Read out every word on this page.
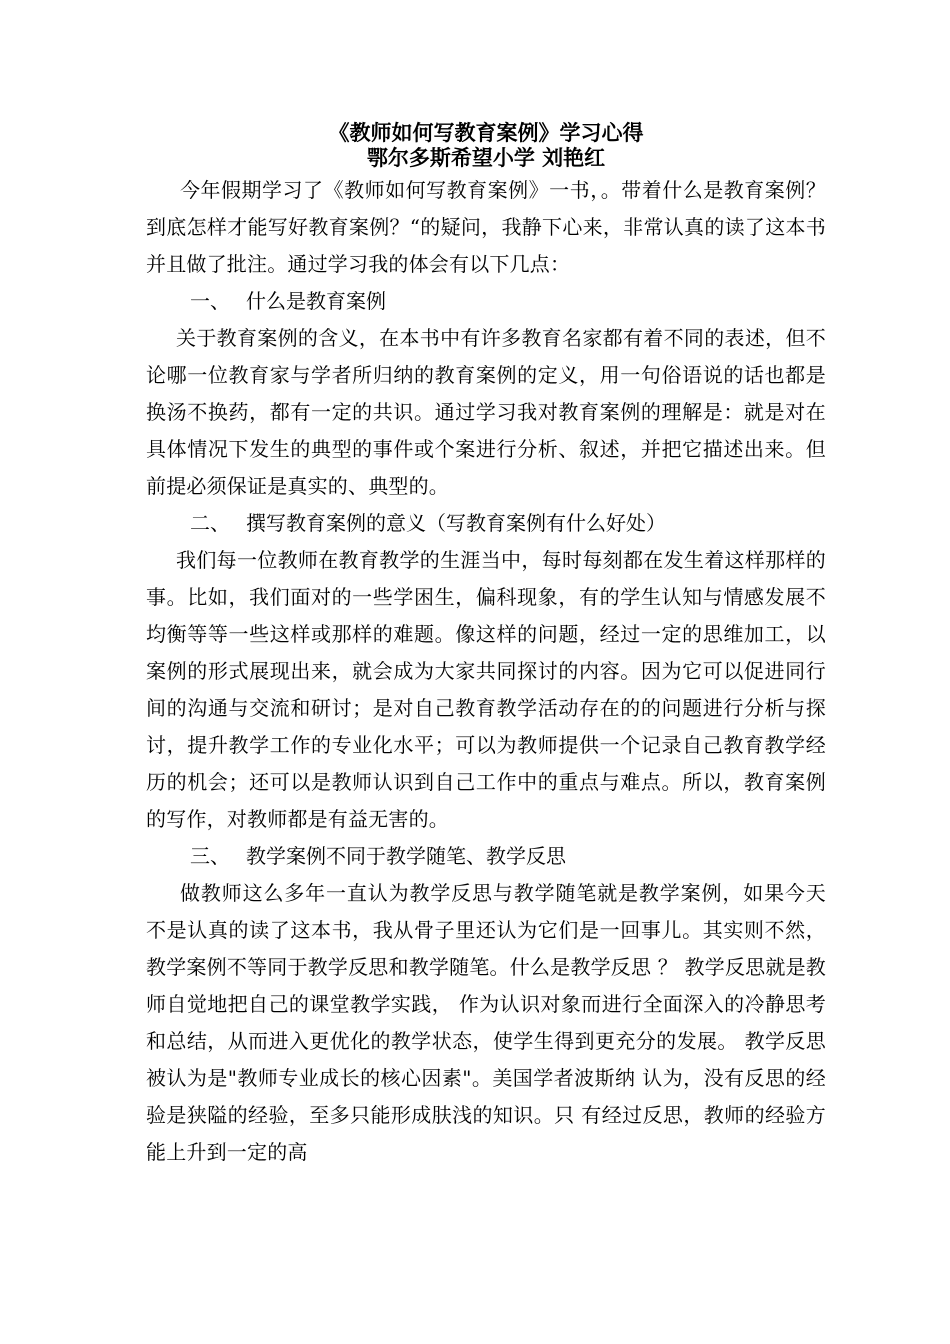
《教师如何写教育案例》学习心得
鄂尔多斯希望小学 刘艳红

今年假期学习了《教师如何写教育案例》一书，。带着什么是教育案例？到底怎样才能写好教育案例？“的疑问，我静下心来，非常认真的读了这本书并且做了批注。通过学习我的体会有以下几点：

一、 什么是教育案例

关于教育案例的含义，在本书中有许多教育名家都有着不同的表述，但不论哪一位教育家与学者所归纳的教育案例的定义，用一句俗语说的话也都是换汤不换药，都有一定的共识。通过学习我对教育案例的理解是：就是对在具体情况下发生的典型的事件或个案进行分析、叙述，并把它描述出来。但前提必须保证是真实的、典型的。

二、 撰写教育案例的意义（写教育案例有什么好处）

我们每一位教师在教育教学的生涯当中，每时每刻都在发生着这样那样的事。比如，我们面对的一些学困生，偏科现象，有的学生认知与情感发展不均衡等等一些这样或那样的难题。像这样的问题，经过一定的思维加工，以案例的形式展现出来，就会成为大家共同探讨的内容。因为它可以促进同行间的沟通与交流和研讨；是对自己教育教学活动存在的的问题进行分析与探讨，提升教学工作的专业化水平；可以为教师提供一个记录自己教育教学经历的机会；还可以是教师认识到自己工作中的重点与难点。所以，教育案例的写作，对教师都是有益无害的。

三、 教学案例不同于教学随笔、教学反思

做教师这么多年一直认为教学反思与教学随笔就是教学案例，如果今天不是认真的读了这本书，我从骨子里还认为它们是一回事儿。其实则不然，教学案例不等同于教学反思和教学随笔。什么是教学反思 ？ 教学反思就是教师自觉地把自己的课堂教学实践， 作为认识对象而进行全面深入的冷静思考和总结，从而进入更优化的教学状态，使学生得到更充分的发展。 教学反思被认为是"教师专业成长的核心因素"。美国学者波斯纳 认为，没有反思的经验是狭隘的经验，至多只能形成肤浅的知识。只 有经过反思，教师的经验方能上升到一定的高
